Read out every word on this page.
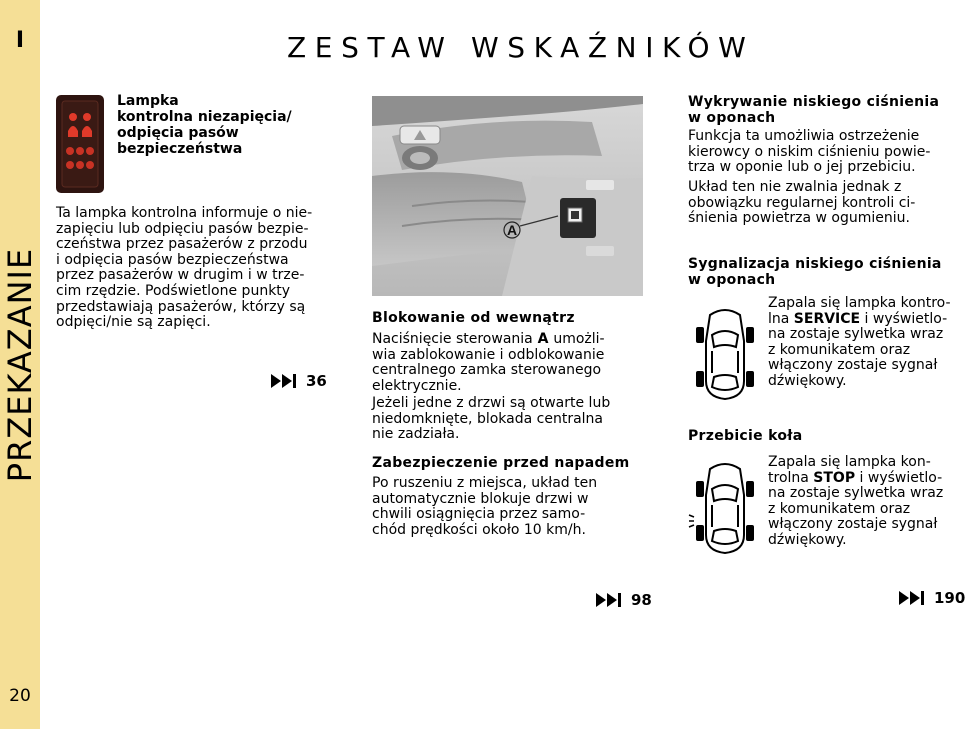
I
PRZEKAZANIE
20
ZESTAW WSKAŹNIKÓW
Lampka
kontrolna niezapięcia/
odpięcia pasów
bezpieczeństwa
Ta lampka kontrolna informuje o nie-
zapięciu lub odpięciu pasów bezpie-
czeństwa przez pasażerów z przodu
i odpięcia pasów bezpieczeństwa
przez pasażerów w drugim i w trze-
cim rzędzie. Podświetlone punkty
przedstawiają pasażerów, którzy są
odpięci/nie są zapięci.
36
A
Blokowanie od wewnątrz
Naciśnięcie sterowania A umożli-
wia zablokowanie i odblokowanie
centralnego zamka sterowanego
elektrycznie.
Jeżeli jedne z drzwi są otwarte lub
niedomknięte, blokada centralna
nie zadziała.
Zabezpieczenie przed napadem
Po ruszeniu z miejsca, układ ten
automatycznie blokuje drzwi w
chwili osiągnięcia przez samo-
chód prędkości około 10 km/h.
98
Wykrywanie niskiego ciśnienia
w oponach
Funkcja ta umożliwia ostrzeżenie
kierowcy o niskim ciśnieniu powie-
trza w oponie lub o jej przebiciu.
Układ ten nie zwalnia jednak z
obowiązku regularnej kontroli ci-
śnienia powietrza w ogumieniu.
Sygnalizacja niskiego ciśnienia
w oponach
Zapala się lampka kontro-
lna SERVICE i wyświetlo-
na zostaje sylwetka wraz
z komunikatem oraz
włączony zostaje sygnał
dźwiękowy.
Przebicie koła
Zapala się lampka kon-
trolna STOP i wyświetlo-
na zostaje sylwetka wraz
z komunikatem oraz
włączony zostaje sygnał
dźwiękowy.
190
